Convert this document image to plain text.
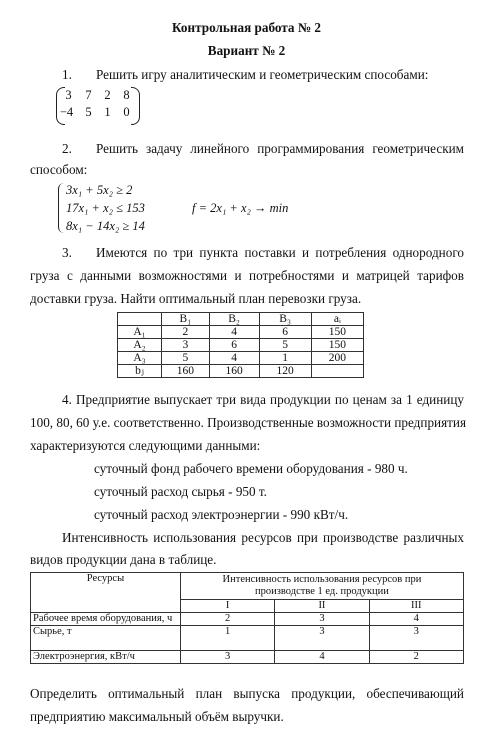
Контрольная работа № 2
Вариант № 2
1. Решить игру аналитическим и геометрическим способами:
3	7	2	8
−4 5	1	0
2. Решить задачу линейного программирования геометрическим
способом:
3x₁ + 5x₂ ≥ 2
17x₁ + x₂ ≤ 153
8x₁ − 14x₂ ≥ 14
f = 2x₁ + x₂ → min
3. Имеются по три пункта поставки и потребления однородного
груза с данными возможностями и потребностями и матрицей тарифов
доставки груза. Найти оптимальный план перевозки груза.
	B₁	B₂	B₃	aᵢ
A₁	2	4	6	150
A₂	3	6	5	150
A₃	5	4	1	200
bⱼ	160	160	120	
4. Предприятие выпускает три вида продукции по ценам за 1 единицу
100, 80, 60 у.е. соответственно. Производственные возможности предприятия
характеризуются следующими данными:
суточный фонд рабочего времени оборудования - 980 ч.
суточный расход сырья - 950 т.
суточный расход электроэнергии - 990 кВт/ч.
Интенсивность использования ресурсов при производстве различных
видов продукции дана в таблице.
Ресурсы	Интенсивность использования ресурсов при производстве 1 ед. продукции		
	I	II	III
Рабочее время оборудования, ч	2	3	4
Сырье, т	1	3	3
Электроэнергия, кВт/ч	3	4	2
Определить оптимальный план выпуска продукции, обеспечивающий
предприятию максимальный объём выручки.
